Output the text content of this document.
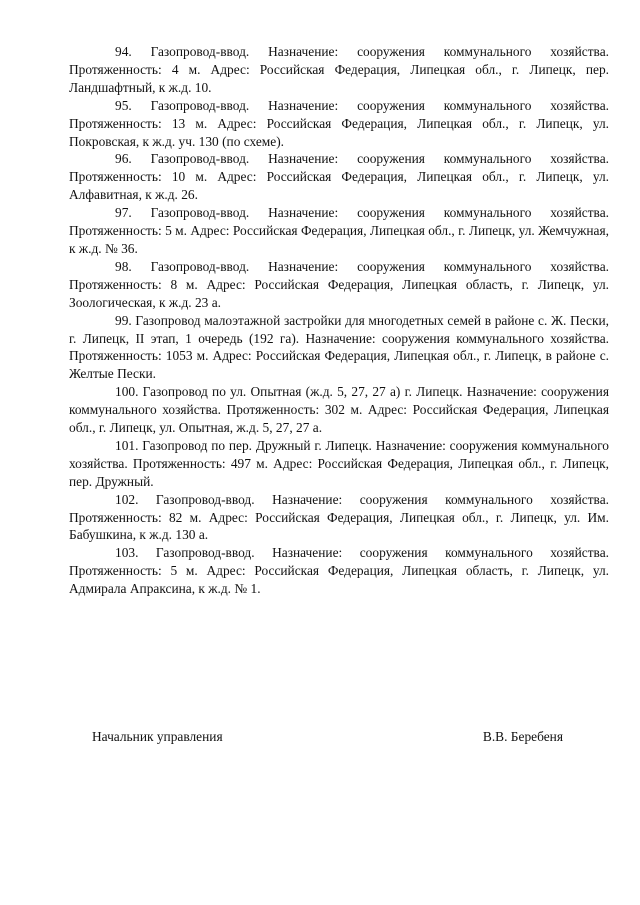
94. Газопровод-ввод. Назначение: сооружения коммунального хозяйства. Протяженность: 4 м. Адрес: Российская Федерация, Липецкая обл., г. Липецк, пер. Ландшафтный, к ж.д. 10.

95. Газопровод-ввод. Назначение: сооружения коммунального хозяйства. Протяженность: 13 м. Адрес: Российская Федерация, Липецкая обл., г. Липецк, ул. Покровская, к ж.д. уч. 130 (по схеме).

96. Газопровод-ввод. Назначение: сооружения коммунального хозяйства. Протяженность: 10 м. Адрес: Российская Федерация, Липецкая обл., г. Липецк, ул. Алфавитная, к ж.д. 26.

97. Газопровод-ввод. Назначение: сооружения коммунального хозяйства. Протяженность: 5 м. Адрес: Российская Федерация, Липецкая обл., г. Липецк, ул. Жемчужная, к ж.д. № 36.

98. Газопровод-ввод. Назначение: сооружения коммунального хозяйства. Протяженность: 8 м. Адрес: Российская Федерация, Липецкая область, г. Липецк, ул. Зоологическая, к ж.д. 23 а.

99. Газопровод малоэтажной застройки для многодетных семей в районе с. Ж. Пески, г. Липецк, II этап, 1 очередь (192 га). Назначение: сооружения коммунального хозяйства. Протяженность: 1053 м. Адрес: Российская Федерация, Липецкая обл., г. Липецк, в районе с. Желтые Пески.

100. Газопровод по ул. Опытная (ж.д. 5, 27, 27 а) г. Липецк. Назначение: сооружения коммунального хозяйства. Протяженность: 302 м. Адрес: Российская Федерация, Липецкая обл., г. Липецк, ул. Опытная, ж.д. 5, 27, 27 а.

101. Газопровод по пер. Дружный г. Липецк. Назначение: сооружения коммунального хозяйства. Протяженность: 497 м. Адрес: Российская Федерация, Липецкая обл., г. Липецк, пер. Дружный.

102. Газопровод-ввод. Назначение: сооружения коммунального хозяйства. Протяженность: 82 м. Адрес: Российская Федерация, Липецкая обл., г. Липецк, ул. Им. Бабушкина, к ж.д. 130 а.

103. Газопровод-ввод. Назначение: сооружения коммунального хозяйства. Протяженность: 5 м. Адрес: Российская Федерация, Липецкая область, г. Липецк, ул. Адмирала Апраксина, к ж.д. № 1.

Начальник управления	В.В. Беребеня
